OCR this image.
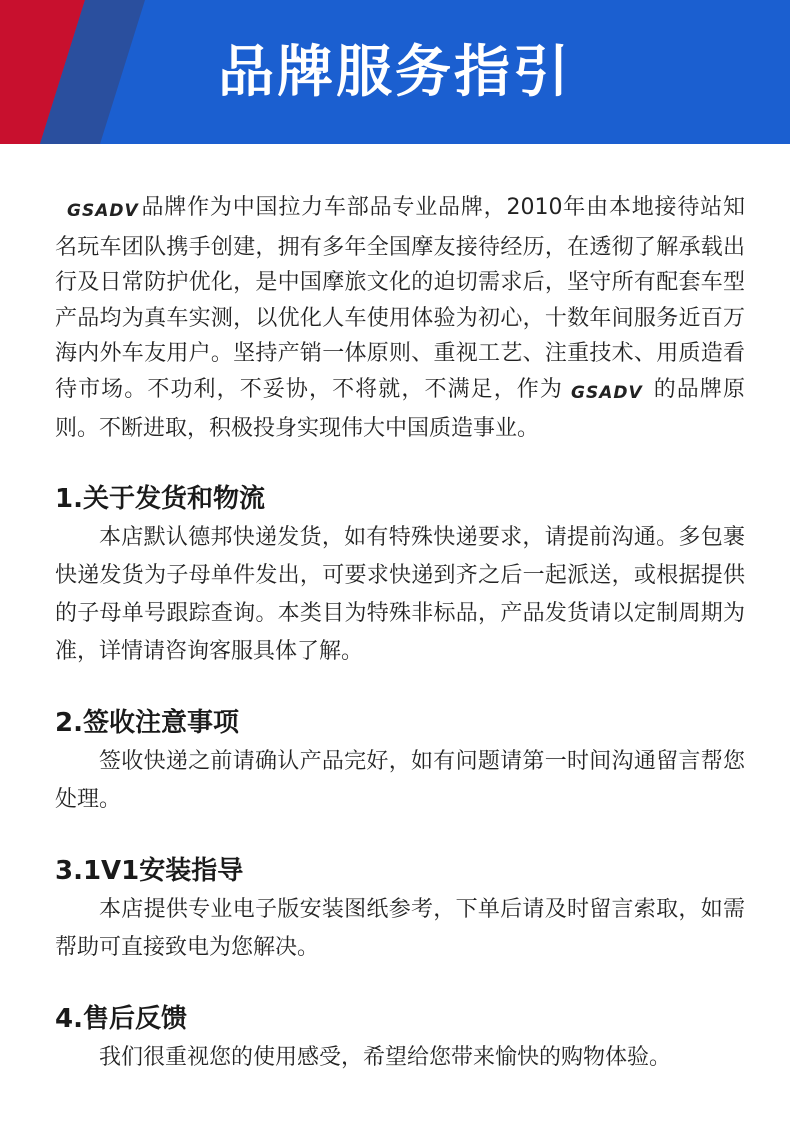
品牌服务指引

GSADV品牌作为中国拉力车部品专业品牌，2010年由本地接待站知名玩车团队携手创建，拥有多年全国摩友接待经历，在透彻了解承载出行及日常防护优化，是中国摩旅文化的迫切需求后，坚守所有配套车型产品均为真车实测，以优化人车使用体验为初心，十数年间服务近百万海内外车友用户。坚持产销一体原则、重视工艺、注重技术、用质造看待市场。不功利，不妥协，不将就，不满足，作为 GSADV 的品牌原则。不断进取，积极投身实现伟大中国质造事业。

1.关于发货和物流

本店默认德邦快递发货，如有特殊快递要求，请提前沟通。多包裹快递发货为子母单件发出，可要求快递到齐之后一起派送，或根据提供的子母单号跟踪查询。本类目为特殊非标品，产品发货请以定制周期为准，详情请咨询客服具体了解。

2.签收注意事项

签收快递之前请确认产品完好，如有问题请第一时间沟通留言帮您处理。

3.1V1安装指导

本店提供专业电子版安装图纸参考，下单后请及时留言索取，如需帮助可直接致电为您解决。

4.售后反馈

我们很重视您的使用感受，希望给您带来愉快的购物体验。
